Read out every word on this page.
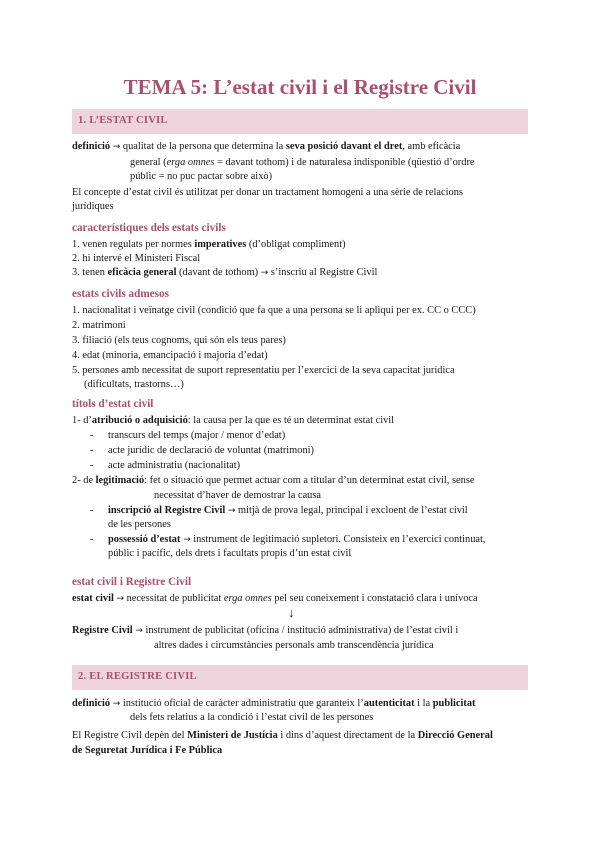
TEMA 5: L’estat civil i el Registre Civil
1. L’ESTAT CIVIL
definició → qualitat de la persona que determina la seva posició davant el dret, amb eficàcia
general (erga omnes = davant tothom) i de naturalesa indisponible (qüestió d’ordre
públic = no puc pactar sobre això)
El concepte d’estat civil és utilitzat per donar un tractament homogeni a una sèrie de relacions
jurídiques
característiques dels estats civils
1. venen regulats per normes imperatives (d’obligat compliment)
2. hi intervé el Ministeri Fiscal
3. tenen eficàcia general (davant de tothom) → s’inscriu al Registre Civil
estats civils admesos
1. nacionalitat i veïnatge civil (condició que fa que a una persona se li apliqui per ex. CC o CCC)
2. matrimoni
3. filiació (els teus cognoms, qui són els teus pares)
4. edat (minoria, emancipació i majoria d’edat)
5. persones amb necessitat de suport representatiu per l’exercici de la seva capacitat jurídica
(dificultats, trastorns…)
títols d’estat civil
1- d’atribució o adquisició: la causa per la que es té un determinat estat civil
- transcurs del temps (major / menor d’edat)
- acte jurídic de declaració de voluntat (matrimoni)
- acte administratiu (nacionalitat)
2- de legitimació: fet o situació que permet actuar com a titular d’un determinat estat civil, sense
necessitat d’haver de demostrar la causa
- inscripció al Registre Civil → mitjà de prova legal, principal i excloent de l’estat civil
de les persones
- possessió d’estat → instrument de legitimació supletori. Consisteix en l’exercici continuat,
públic i pacífic, dels drets i facultats propis d’un estat civil
estat civil i Registre Civil
estat civil → necessitat de publicitat erga omnes pel seu coneixement i constatació clara i unívoca
↓
Registre Civil → instrument de publicitat (oficina / institució administrativa) de l’estat civil i
altres dades i circumstàncies personals amb transcendència jurídica
2. EL REGISTRE CIVIL
definició → institució oficial de caràcter administratiu que garanteix l’autenticitat i la publicitat
dels fets relatius a la condició i l’estat civil de les persones
El Registre Civil depèn del Ministeri de Justícia i dins d’aquest directament de la Direcció General
de Seguretat Jurídica i Fe Pública
